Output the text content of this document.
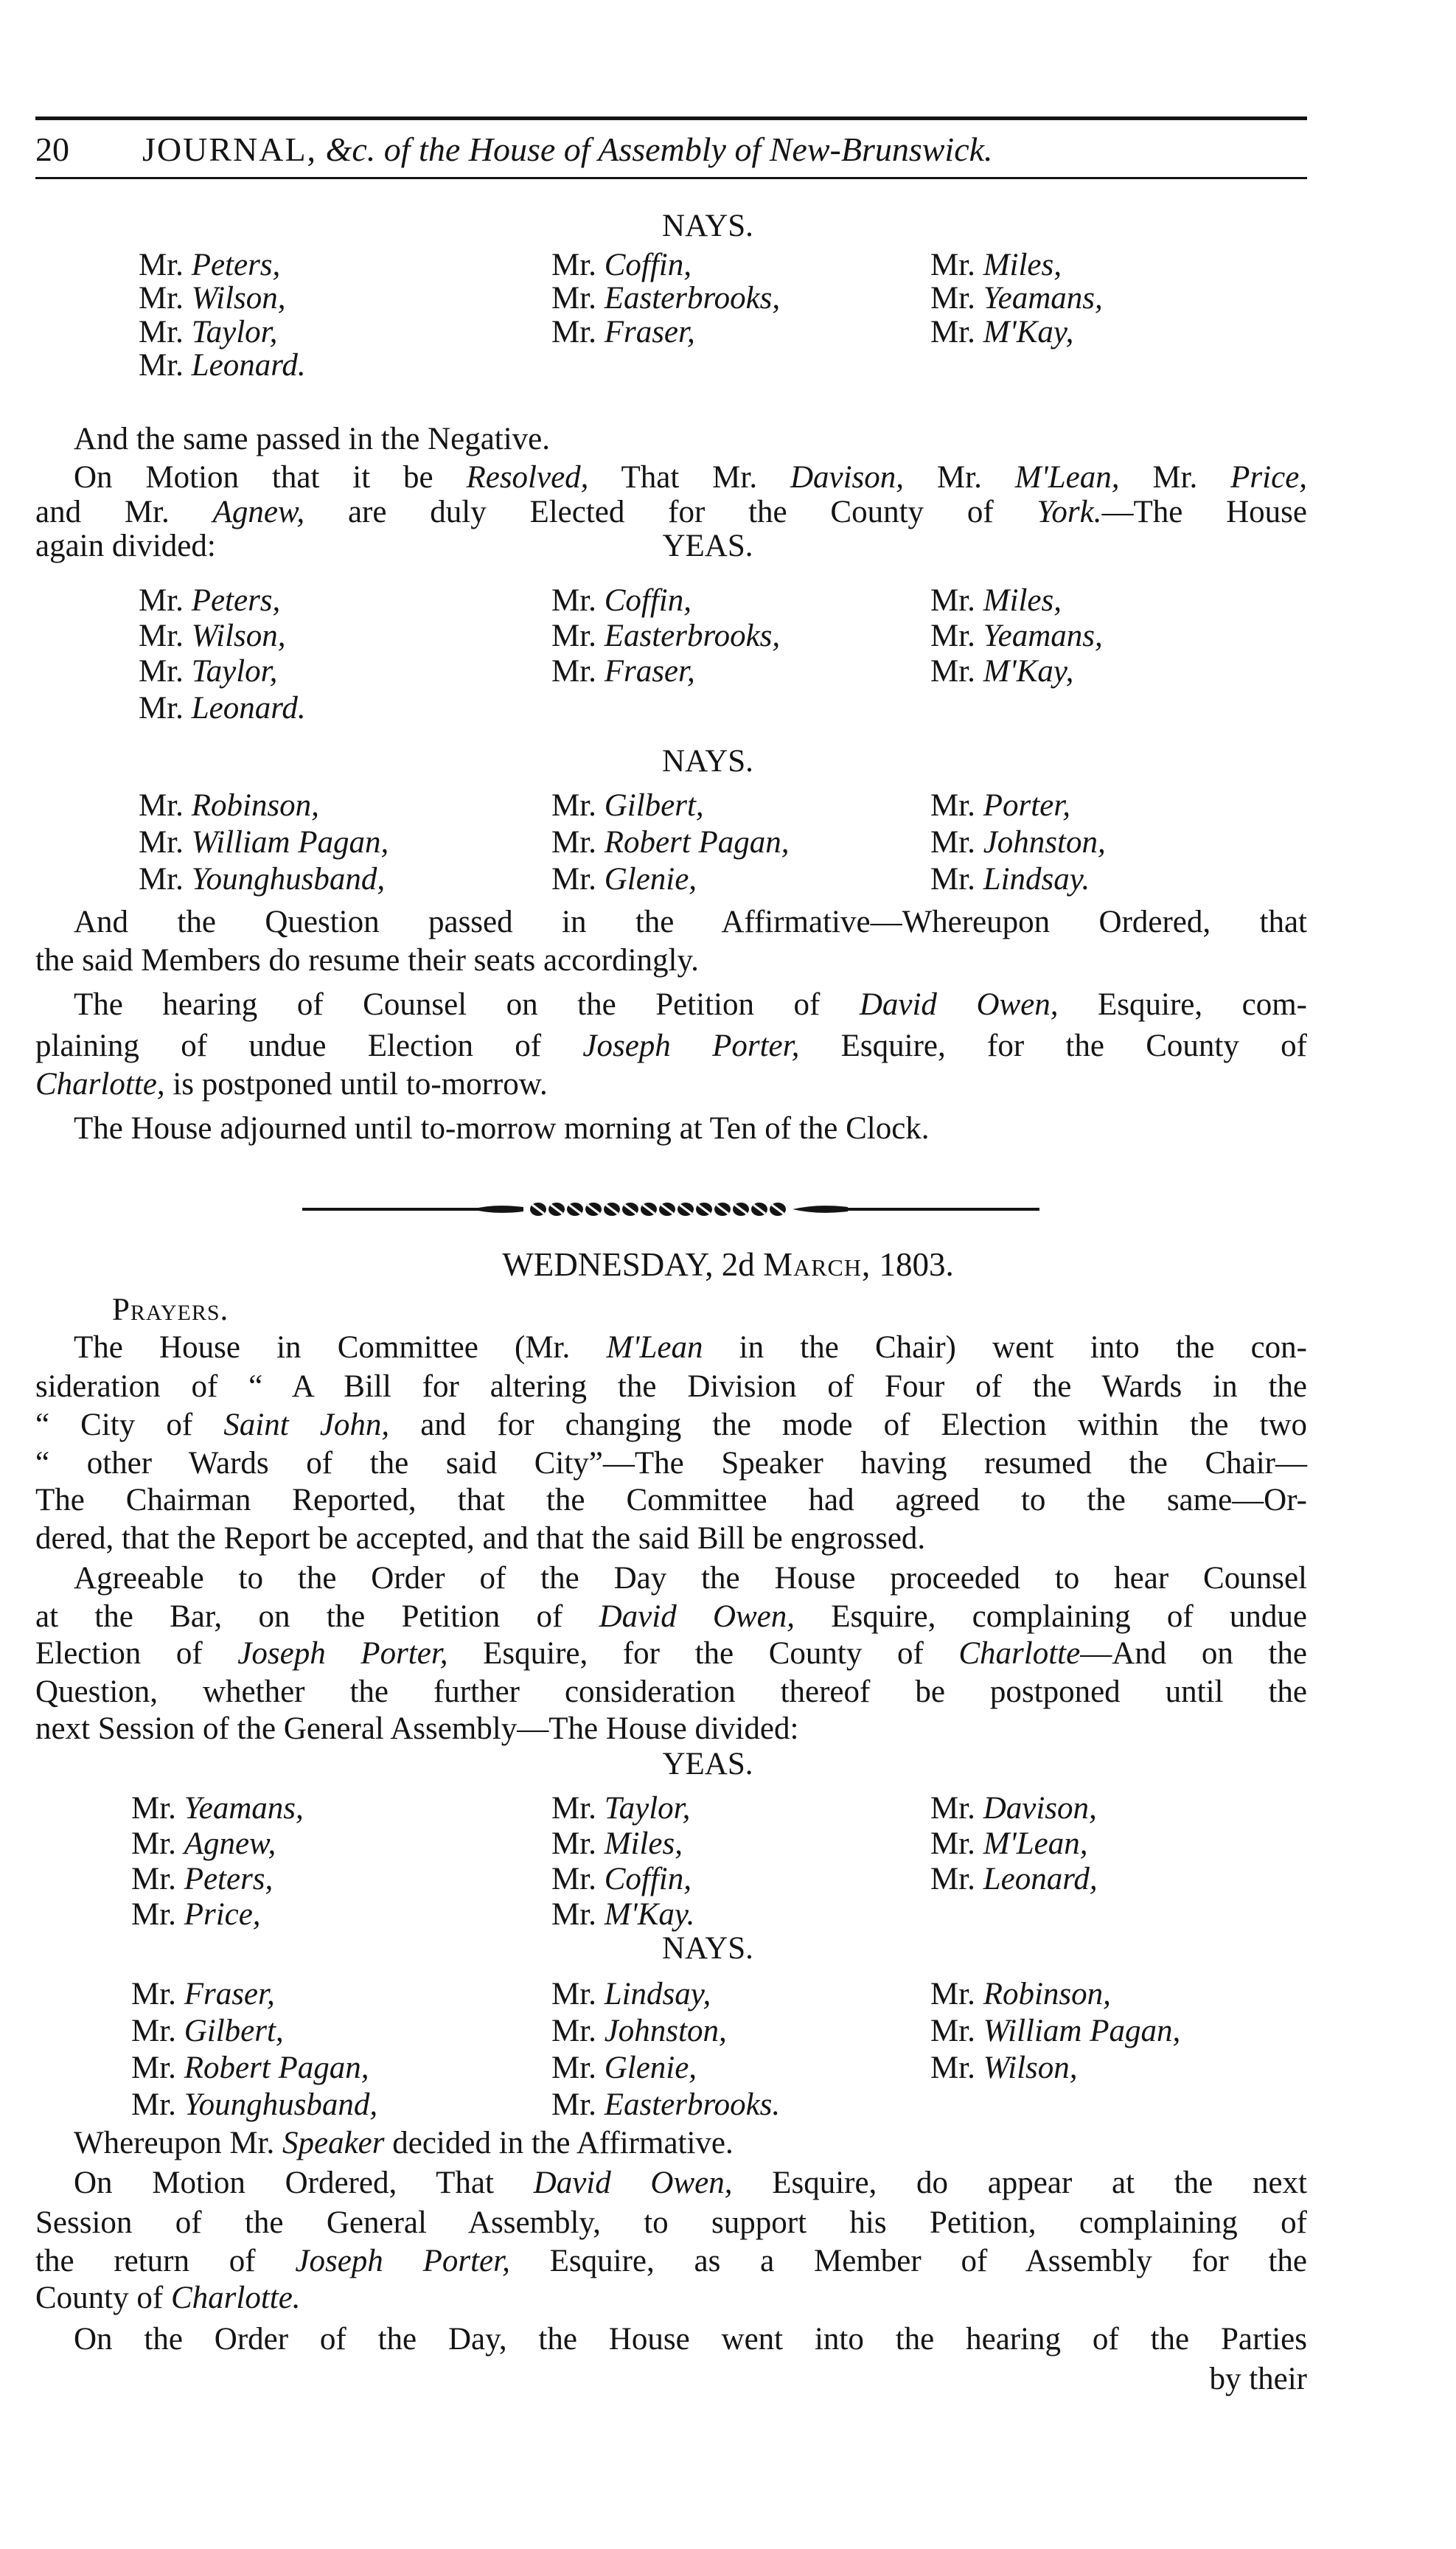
20 JOURNAL, &c. of the House of Assembly of New-Brunswick.
NAYS.
Mr. Peters,
Mr. Wilson,
Mr. Taylor,
Mr. Leonard.
Mr. Coffin,
Mr. Easterbrooks,
Mr. Fraser,
Mr. Miles,
Mr. Yeamans,
Mr. M'Kay,
And the same passed in the Negative.
On Motion that it be Resolved, That Mr. Davison, Mr. M'Lean, Mr. Price,
and Mr. Agnew, are duly Elected for the County of York.—The House
again divided:	YEAS.
Mr. Peters,
Mr. Wilson,
Mr. Taylor,
Mr. Leonard.
Mr. Coffin,
Mr. Easterbrooks,
Mr. Fraser,
Mr. Miles,
Mr. Yeamans,
Mr. M'Kay,
NAYS.
Mr. Robinson,
Mr. William Pagan,
Mr. Younghusband,
Mr. Gilbert,
Mr. Robert Pagan,
Mr. Glenie,
Mr. Porter,
Mr. Johnston,
Mr. Lindsay.
And the Question passed in the Affirmative—Whereupon Ordered, that
the said Members do resume their seats accordingly.
The hearing of Counsel on the Petition of David Owen, Esquire, com-
plaining of undue Election of Joseph Porter, Esquire, for the County of
Charlotte, is postponed until to-morrow.
The House adjourned until to-morrow morning at Ten of the Clock.
WEDNESDAY, 2d March, 1803.
Prayers.
The House in Committee (Mr. M'Lean in the Chair) went into the con-
sideration of “ A Bill for altering the Division of Four of the Wards in the
“ City of Saint John, and for changing the mode of Election within the two
“ other Wards of the said City”—The Speaker having resumed the Chair—
The Chairman Reported, that the Committee had agreed to the same—Or-
dered, that the Report be accepted, and that the said Bill be engrossed.
Agreeable to the Order of the Day the House proceeded to hear Counsel
at the Bar, on the Petition of David Owen, Esquire, complaining of undue
Election of Joseph Porter, Esquire, for the County of Charlotte—And on the
Question, whether the further consideration thereof be postponed until the
next Session of the General Assembly—The House divided:
YEAS.
Mr. Yeamans,
Mr. Agnew,
Mr. Peters,
Mr. Price,
Mr. Taylor,
Mr. Miles,
Mr. Coffin,
Mr. M'Kay.
Mr. Davison,
Mr. M'Lean,
Mr. Leonard,
NAYS.
Mr. Fraser,
Mr. Gilbert,
Mr. Robert Pagan,
Mr. Younghusband,
Mr. Lindsay,
Mr. Johnston,
Mr. Glenie,
Mr. Easterbrooks.
Mr. Robinson,
Mr. William Pagan,
Mr. Wilson,
Whereupon Mr. Speaker decided in the Affirmative.
On Motion Ordered, That David Owen, Esquire, do appear at the next
Session of the General Assembly, to support his Petition, complaining of
the return of Joseph Porter, Esquire, as a Member of Assembly for the
County of Charlotte.
On the Order of the Day, the House went into the hearing of the Parties
by their
